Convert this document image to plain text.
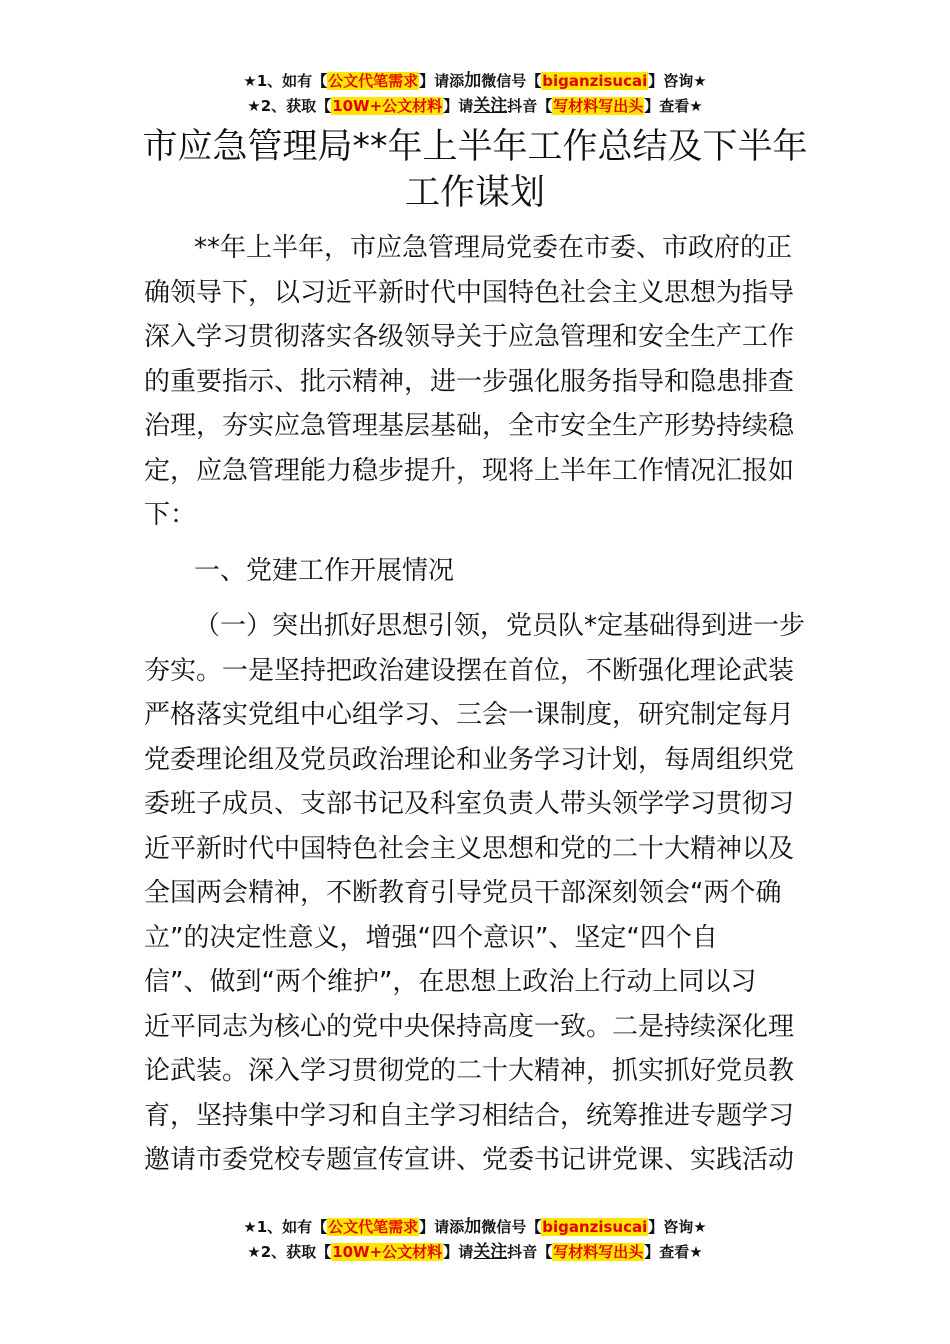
★1、如有【公文代笔需求】请添加微信号【biganzisucai】咨询★
★2、获取【10W+公文材料】请关注抖音【写材料写出头】查看★
市应急管理局**年上半年工作总结及下半年
工作谋划
**年上半年，市应急管理局党委在市委、市政府的正
确领导下，以习近平新时代中国特色社会主义思想为指导
深入学习贯彻落实各级领导关于应急管理和安全生产工作
的重要指示、批示精神，进一步强化服务指导和隐患排查
治理，夯实应急管理基层基础，全市安全生产形势持续稳
定，应急管理能力稳步提升，现将上半年工作情况汇报如
下：
一、党建工作开展情况
（一）突出抓好思想引领，党员队*定基础得到进一步
夯实。一是坚持把政治建设摆在首位，不断强化理论武装
严格落实党组中心组学习、三会一课制度，研究制定每月
党委理论组及党员政治理论和业务学习计划，每周组织党
委班子成员、支部书记及科室负责人带头领学学习贯彻习
近平新时代中国特色社会主义思想和党的二十大精神以及
全国两会精神，不断教育引导党员干部深刻领会“两个确
立”的决定性意义，增强“四个意识”、坚定“四个自
信”、做到“两个维护”，在思想上政治上行动上同以习
近平同志为核心的党中央保持高度一致。二是持续深化理
论武装。深入学习贯彻党的二十大精神，抓实抓好党员教
育，坚持集中学习和自主学习相结合，统筹推进专题学习
邀请市委党校专题宣传宣讲、党委书记讲党课、实践活动
★1、如有【公文代笔需求】请添加微信号【biganzisucai】咨询★
★2、获取【10W+公文材料】请关注抖音【写材料写出头】查看★
